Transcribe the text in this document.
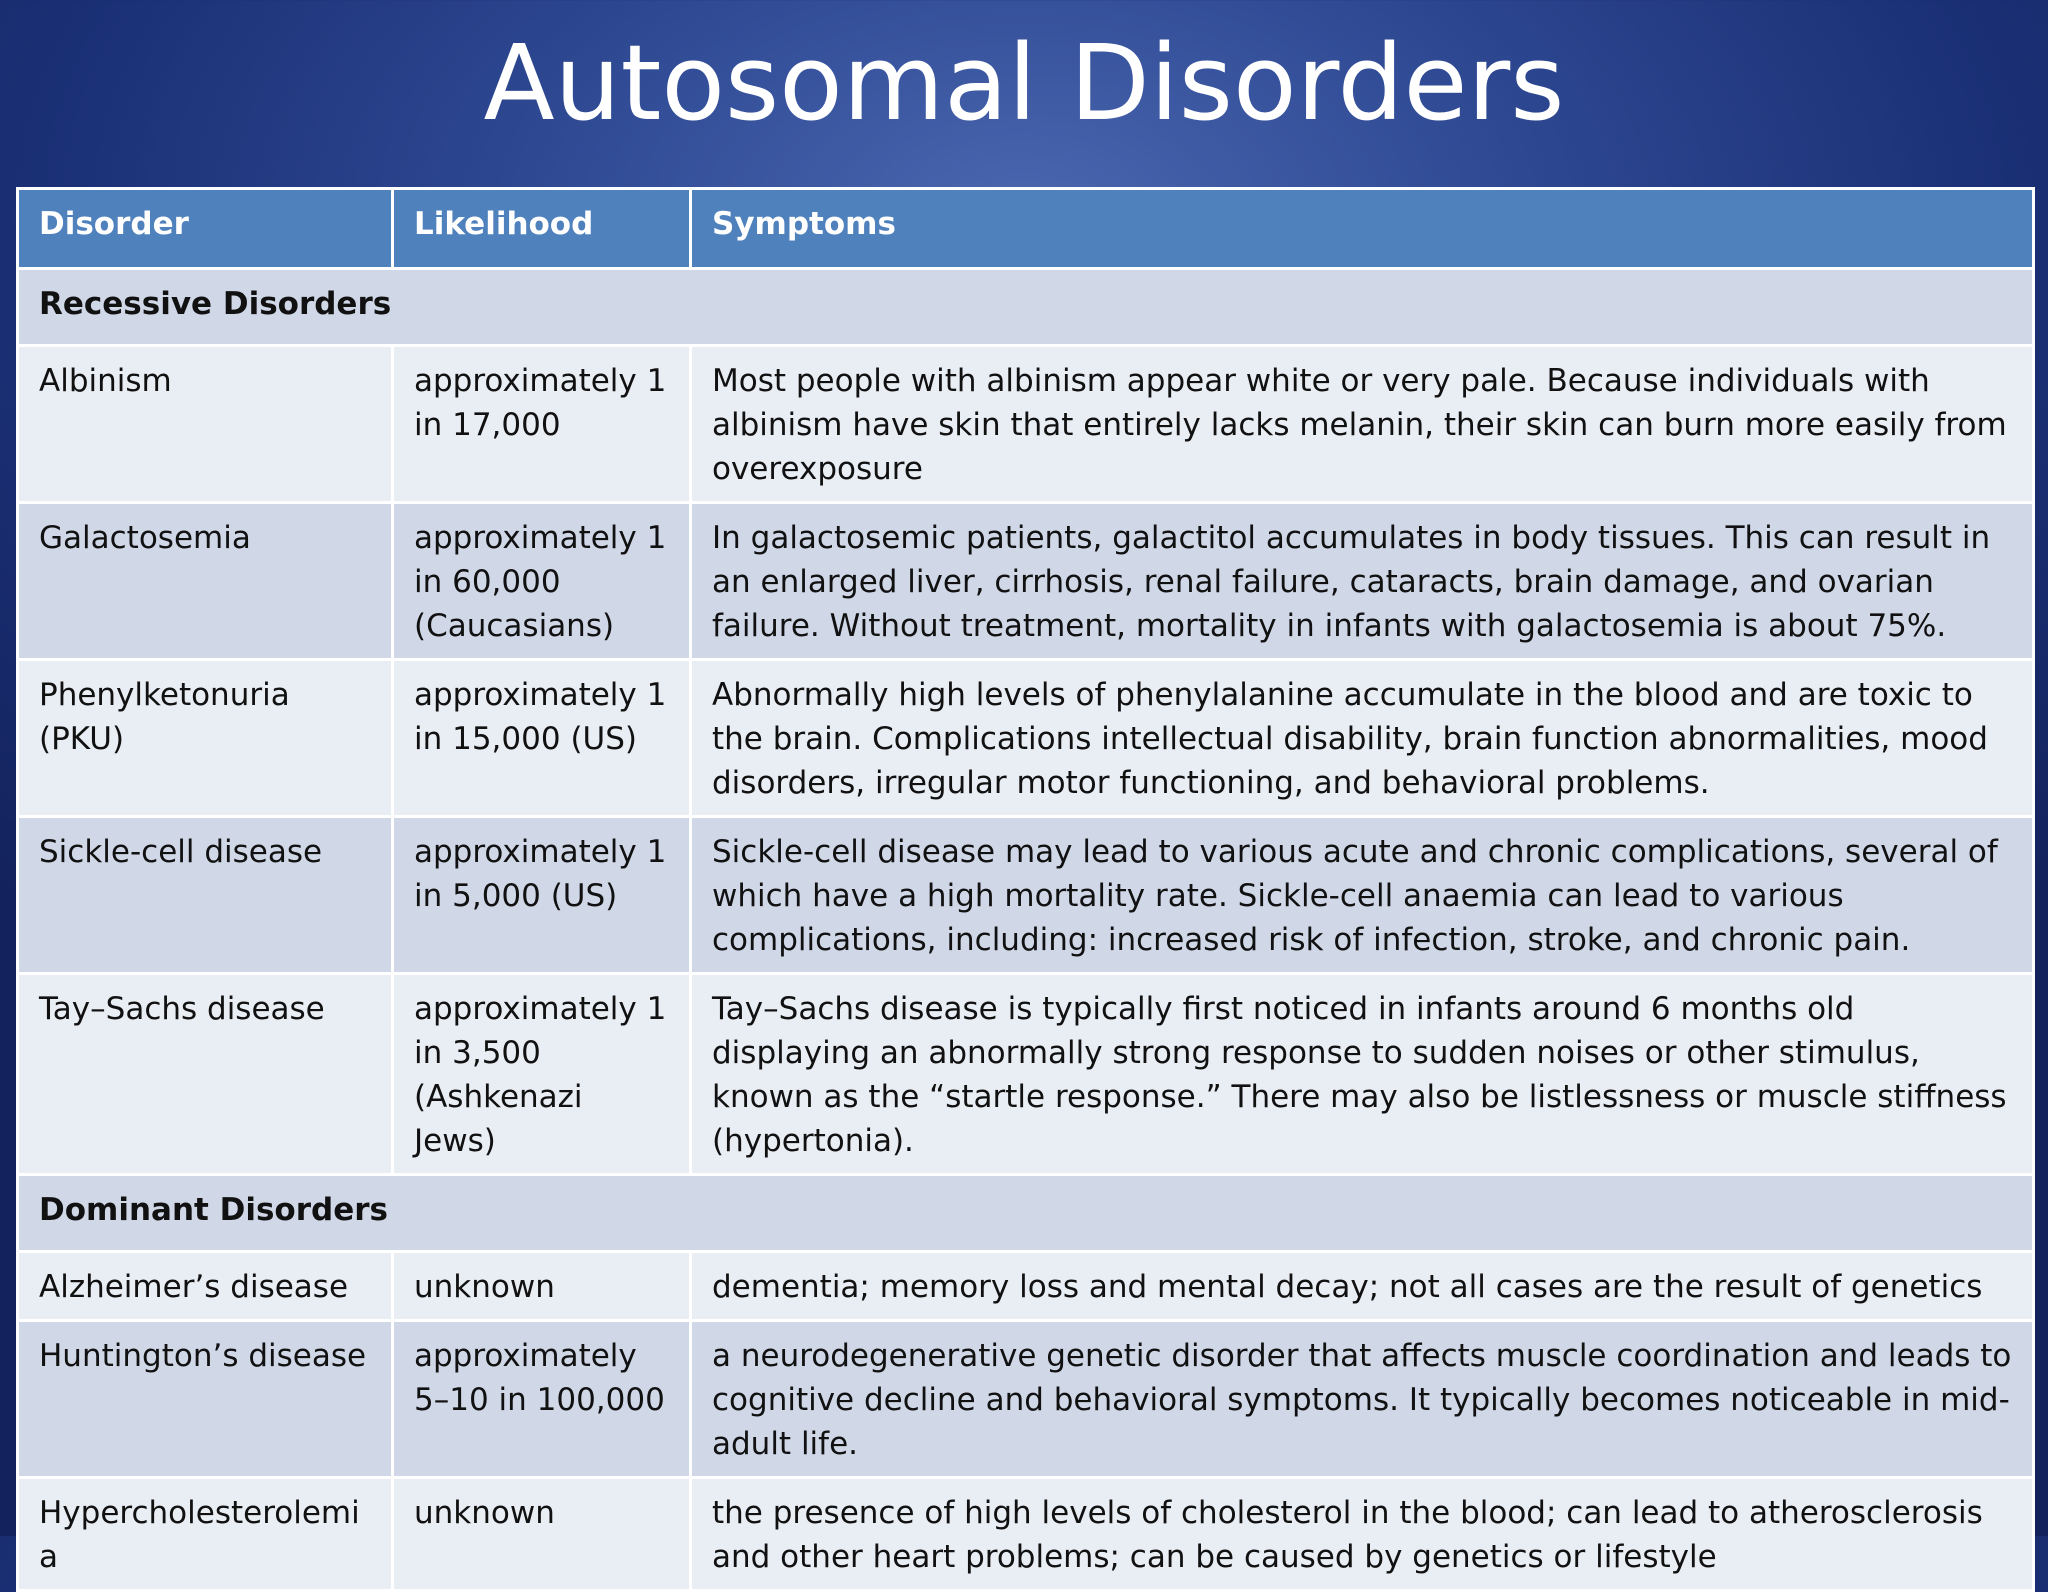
Autosomal Disorders
Disorder	Likelihood	Symptoms
Recessive Disorders		
Albinism	approximately 1 in 17,000	Most people with albinism appear white or very pale. Because individuals with albinism have skin that entirely lacks melanin, their skin can burn more easily from overexposure
Galactosemia	approximately 1 in 60,000 (Caucasians)	In galactosemic patients, galactitol accumulates in body tissues. This can result in an enlarged liver, cirrhosis, renal failure, cataracts, brain damage, and ovarian failure. Without treatment, mortality in infants with galactosemia is about 75%.
Phenylketonuria (PKU)	approximately 1 in 15,000 (US)	Abnormally high levels of phenylalanine accumulate in the blood and are toxic to the brain. Complications intellectual disability, brain function abnormalities, mood disorders, irregular motor functioning, and behavioral problems.
Sickle-cell disease	approximately 1 in 5,000 (US)	Sickle-cell disease may lead to various acute and chronic complications, several of which have a high mortality rate. Sickle-cell anaemia can lead to various complications, including: increased risk of infection, stroke, and chronic pain.
Tay–Sachs disease	approximately 1 in 3,500 (Ashkenazi Jews)	Tay–Sachs disease is typically first noticed in infants around 6 months old displaying an abnormally strong response to sudden noises or other stimulus, known as the “startle response.” There may also be listlessness or muscle stiffness (hypertonia).
Dominant Disorders		
Alzheimer’s disease	unknown	dementia; memory loss and mental decay; not all cases are the result of genetics
Huntington’s disease	approximately 5–10 in 100,000	a neurodegenerative genetic disorder that affects muscle coordination and leads to cognitive decline and behavioral symptoms. It typically becomes noticeable in mid-adult life.
Hypercholesterolemia	unknown	the presence of high levels of cholesterol in the blood; can lead to atherosclerosis and other heart problems; can be caused by genetics or lifestyle
